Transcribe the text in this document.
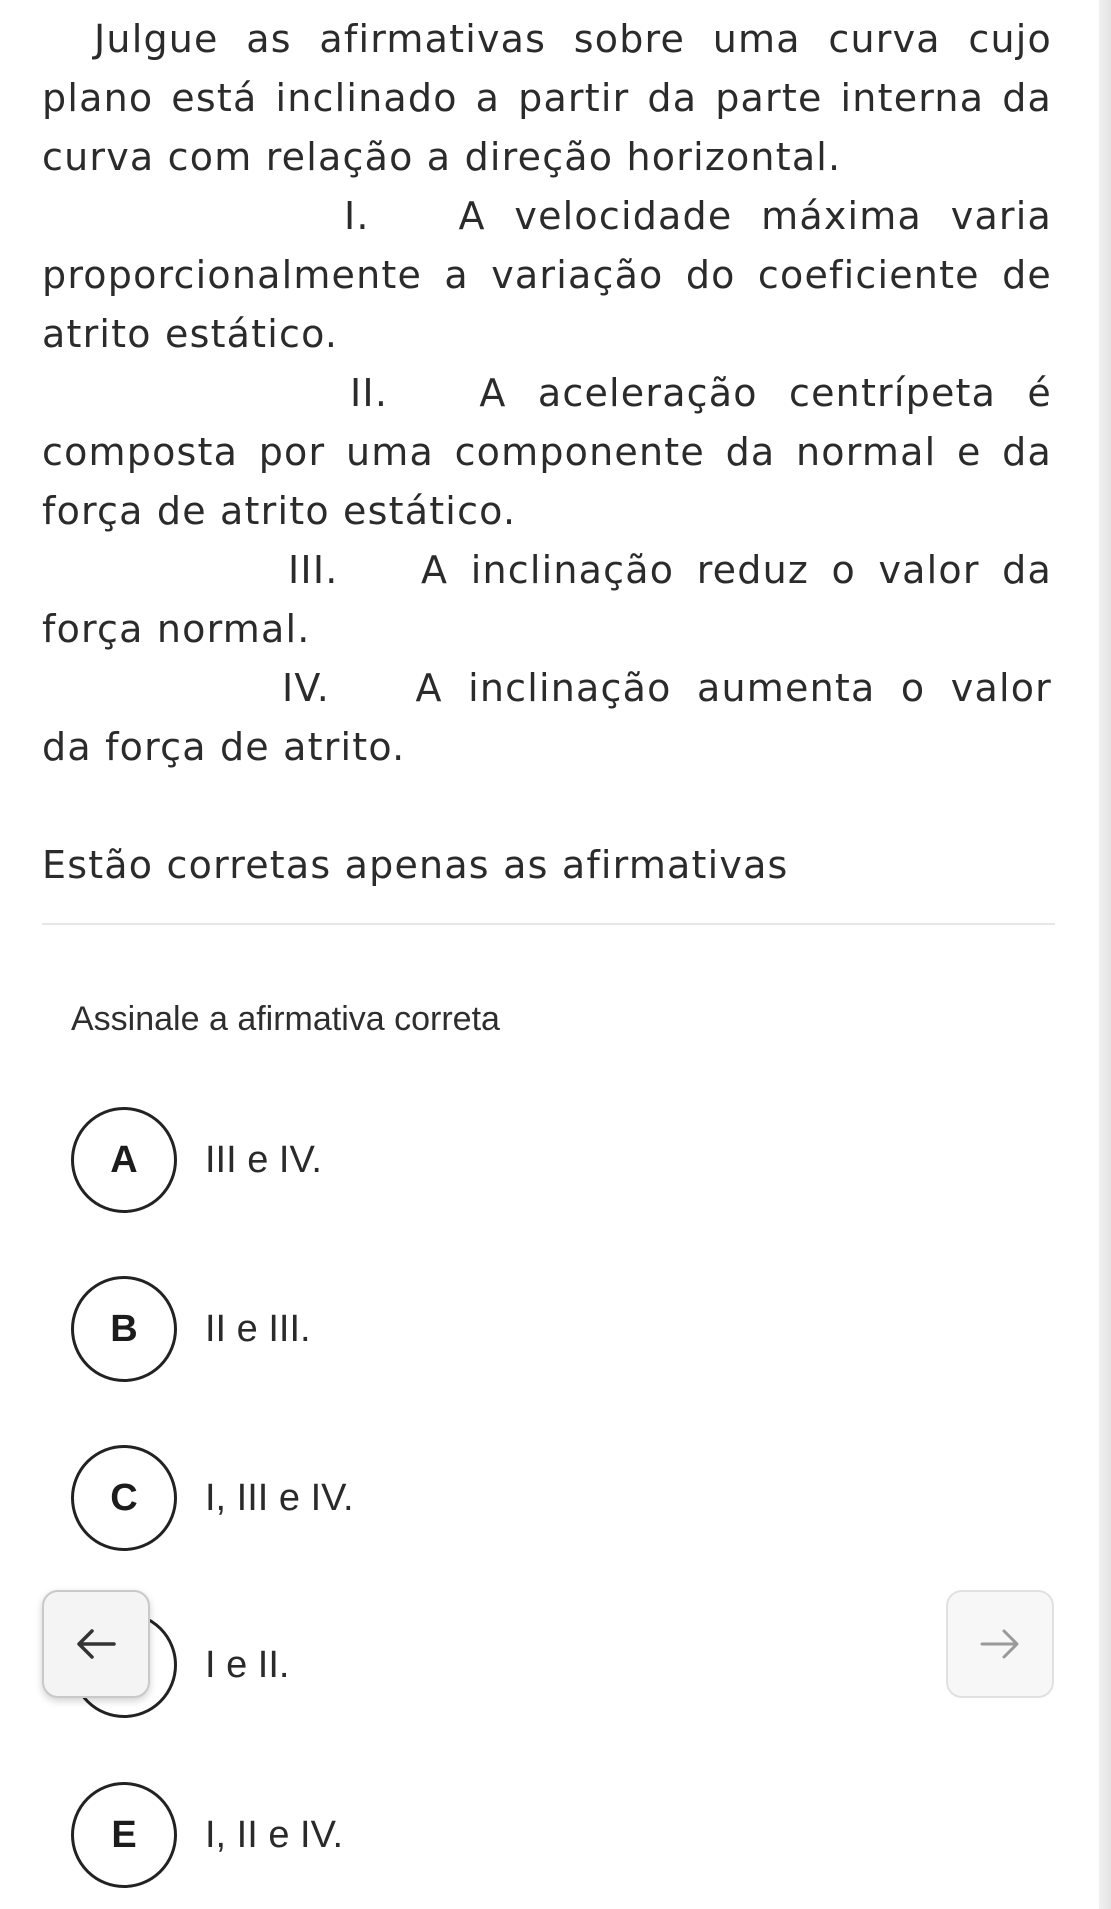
Julgue as afirmativas sobre uma curva cujo plano está inclinado a partir da parte interna da curva com relação a direção horizontal.
I. A velocidade máxima varia
proporcionalmente a variação do coeficiente de atrito estático.
II. A aceleração centrípeta é
composta por uma componente da normal e da força de atrito estático.
III. A inclinação reduz o valor da
força normal.
IV. A inclinação aumenta o valor
da força de atrito.
Estão corretas apenas as afirmativas
Assinale a afirmativa correta
A	III e IV.
B	II e III.
C	I, III e IV.
I e II.
E	I, II e IV.
